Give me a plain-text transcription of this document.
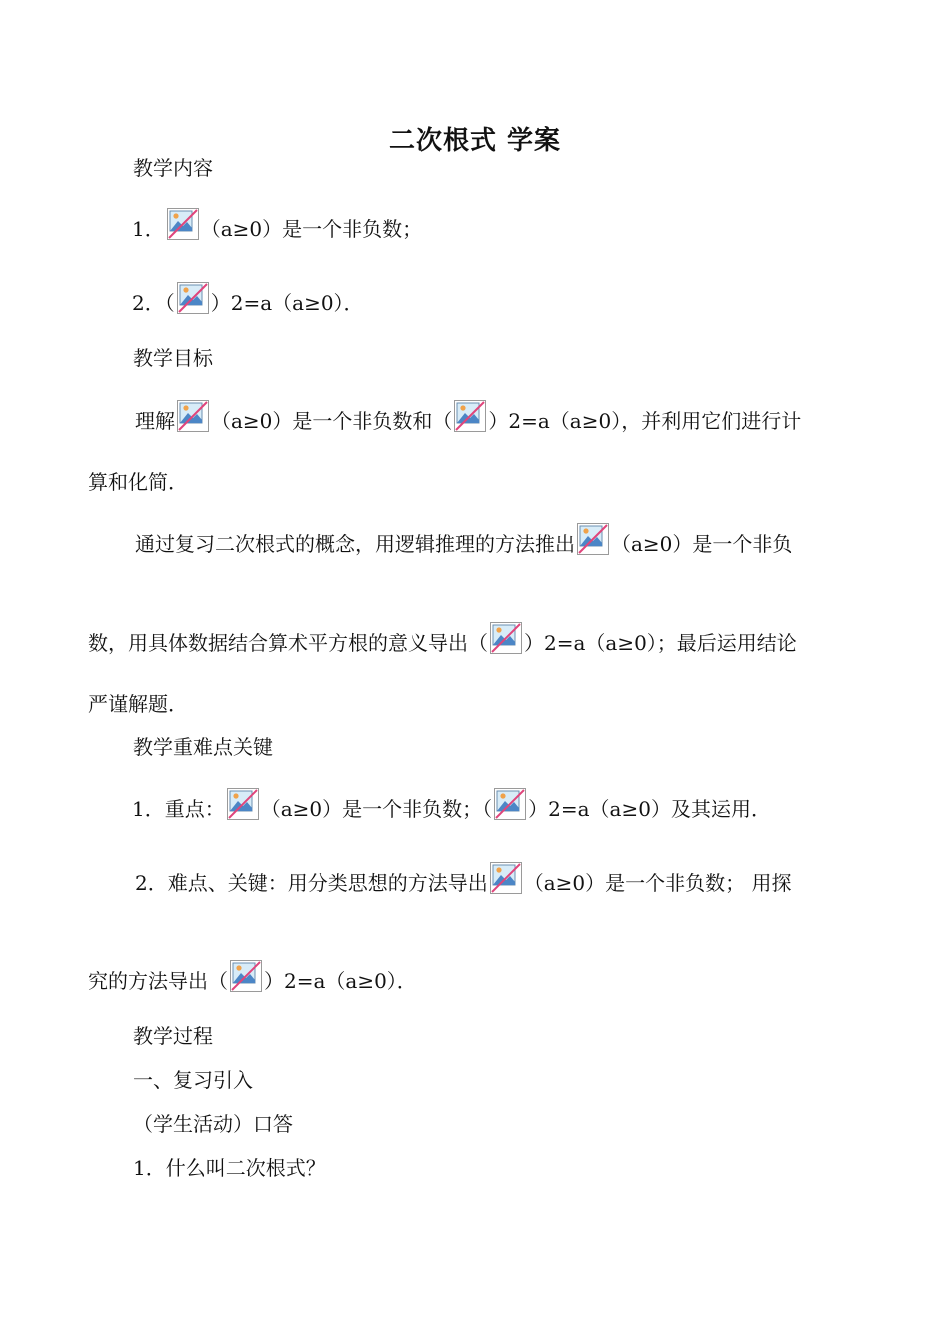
二次根式 学案
教学内容
1． （a≥0）是一个非负数；
2．（ ）2=a（a≥0）．
教学目标
理解 （a≥0）是一个非负数和（ ）2=a（a≥0），并利用它们进行计
算和化简．
通过复习二次根式的概念，用逻辑推理的方法推出 （a≥0）是一个非负
数，用具体数据结合算术平方根的意义导出（ ）2=a（a≥0）；最后运用结论
严谨解题．
教学重难点关键
1．重点： （a≥0）是一个非负数；（ ）2=a（a≥0）及其运用．
2．难点、关键：用分类思想的方法导出 （a≥0）是一个非负数； 用探
究的方法导出（ ）2=a（a≥0）．
教学过程
一、复习引入
（学生活动）口答
1．什么叫二次根式？
